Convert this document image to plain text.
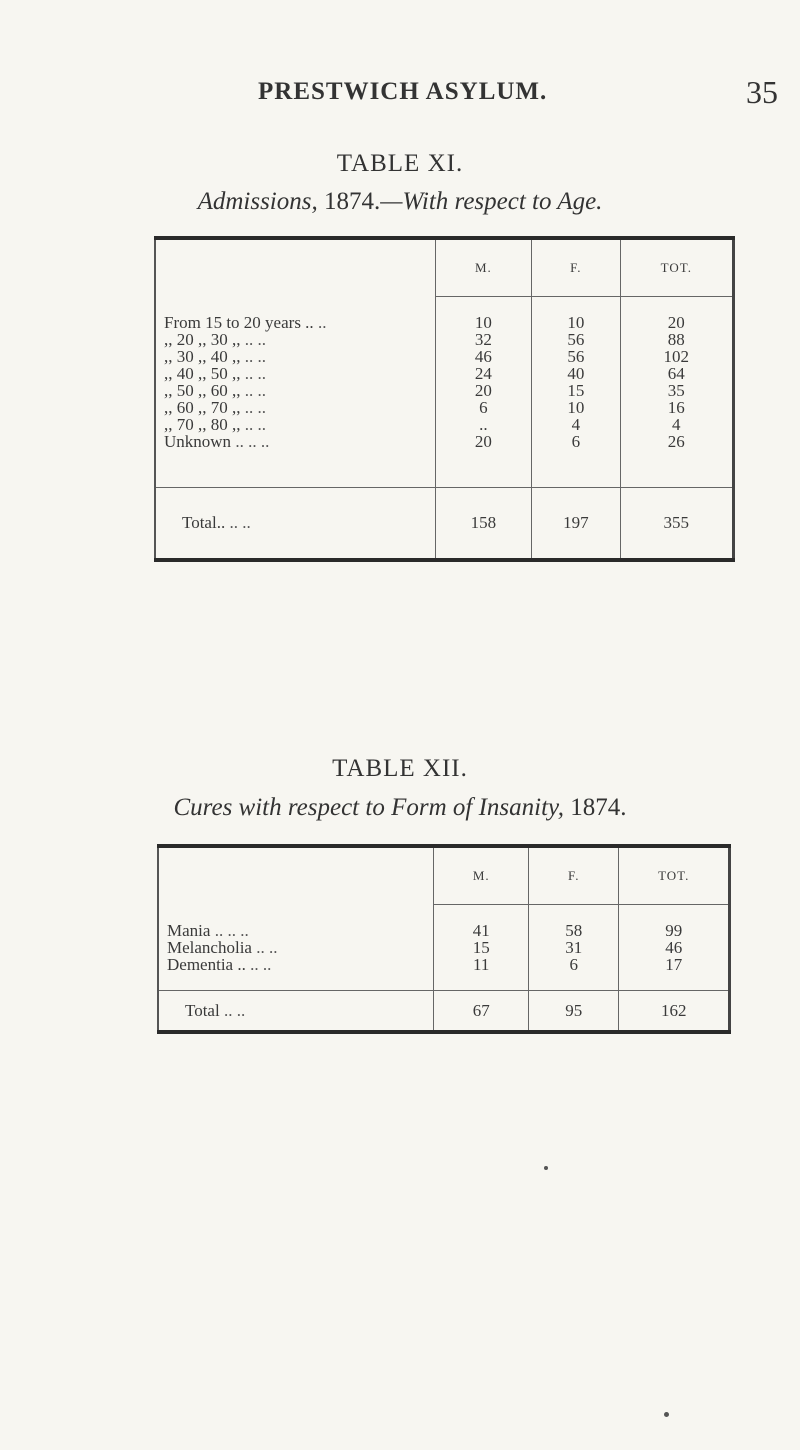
PRESTWICH ASYLUM.	35
TABLE XI.
Admissions, 1874.—With respect to Age.
	M.	F.	TOT.

From 15 to 20 years .. ..	10	10	20
,, 20 ,, 30 ,, .. ..	32	56	88
,, 30 ,, 40 ,, .. ..	46	56	102
,, 40 ,, 50 ,, .. ..	24	40	64
,, 50 ,, 60 ,, .. ..	20	15	35
,, 60 ,, 70 ,, .. ..	6	10	16
,, 70 ,, 80 ,, .. ..	..	4	4
Unknown .. .. ..	20	6	26

Total.. .. ..	158	197	355
TABLE XII.
Cures with respect to Form of Insanity, 1874.
	M.	F.	TOT.

Mania .. .. ..	41	58	99
Melancholia .. ..	15	31	46
Dementia .. .. ..	11	6	17

Total .. ..	67	95	162
